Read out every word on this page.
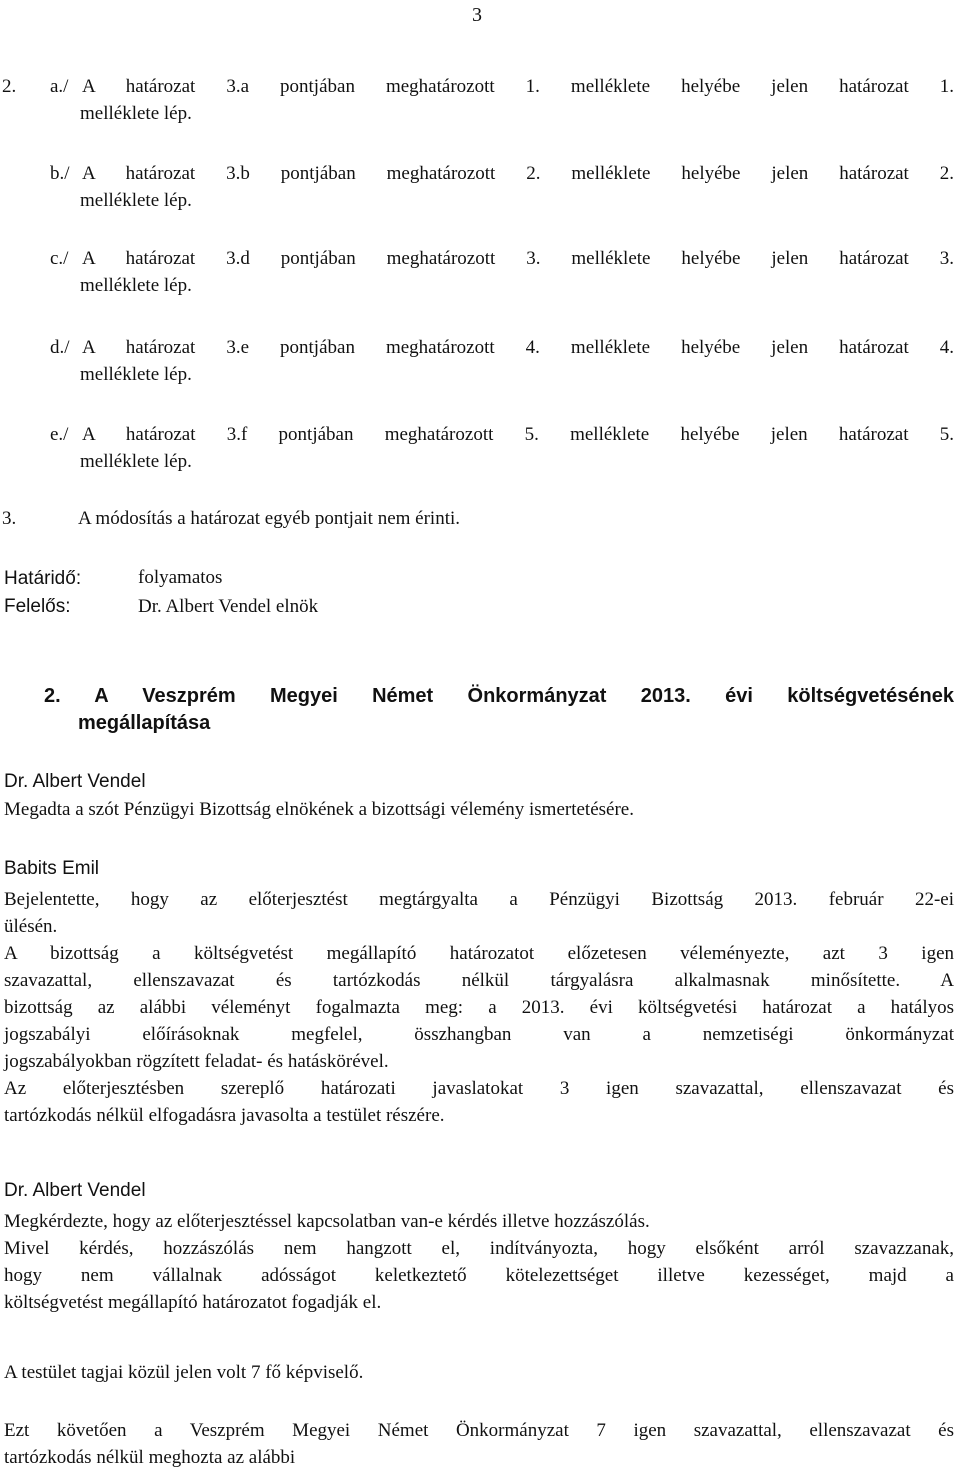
3
2. a./ A határozat 3.a pontjában meghatározott 1. melléklete helyébe jelen határozat 1.
melléklete lép.
b./ A határozat 3.b pontjában meghatározott 2. melléklete helyébe jelen határozat 2.
melléklete lép.
c./ A határozat 3.d pontjában meghatározott 3. melléklete helyébe jelen határozat 3.
melléklete lép.
d./ A határozat 3.e pontjában meghatározott 4. melléklete helyébe jelen határozat 4.
melléklete lép.
e./ A határozat 3.f pontjában meghatározott 5. melléklete helyébe jelen határozat 5.
melléklete lép.
3.	A módosítás a határozat egyéb pontjait nem érinti.
Határidő:	folyamatos
Felelős:	Dr. Albert Vendel elnök
2. A Veszprém Megyei Német Önkormányzat 2013. évi költségvetésének
megállapítása
Dr. Albert Vendel
Megadta a szót Pénzügyi Bizottság elnökének a bizottsági vélemény ismertetésére.
Babits Emil
Bejelentette, hogy az előterjesztést megtárgyalta a Pénzügyi Bizottság 2013. február 22-ei
ülésén.
A bizottság a költségvetést megállapító határozatot előzetesen véleményezte, azt 3 igen
szavazattal, ellenszavazat és tartózkodás nélkül tárgyalásra alkalmasnak minősítette. A
bizottság az alábbi véleményt fogalmazta meg: a 2013. évi költségvetési határozat a hatályos
jogszabályi előírásoknak megfelel, összhangban van a nemzetiségi önkormányzat
jogszabályokban rögzített feladat- és hatáskörével.
Az előterjesztésben szereplő határozati javaslatokat 3 igen szavazattal, ellenszavazat és
tartózkodás nélkül elfogadásra javasolta a testület részére.
Dr. Albert Vendel
Megkérdezte, hogy az előterjesztéssel kapcsolatban van-e kérdés illetve hozzászólás.
Mivel kérdés, hozzászólás nem hangzott el, indítványozta, hogy elsőként arról szavazzanak,
hogy nem vállalnak adósságot keletkeztető kötelezettséget illetve kezességet, majd a
költségvetést megállapító határozatot fogadják el.
A testület tagjai közül jelen volt 7 fő képviselő.
Ezt követően a Veszprém Megyei Német Önkormányzat 7 igen szavazattal, ellenszavazat és
tartózkodás nélkül meghozta az alábbi
